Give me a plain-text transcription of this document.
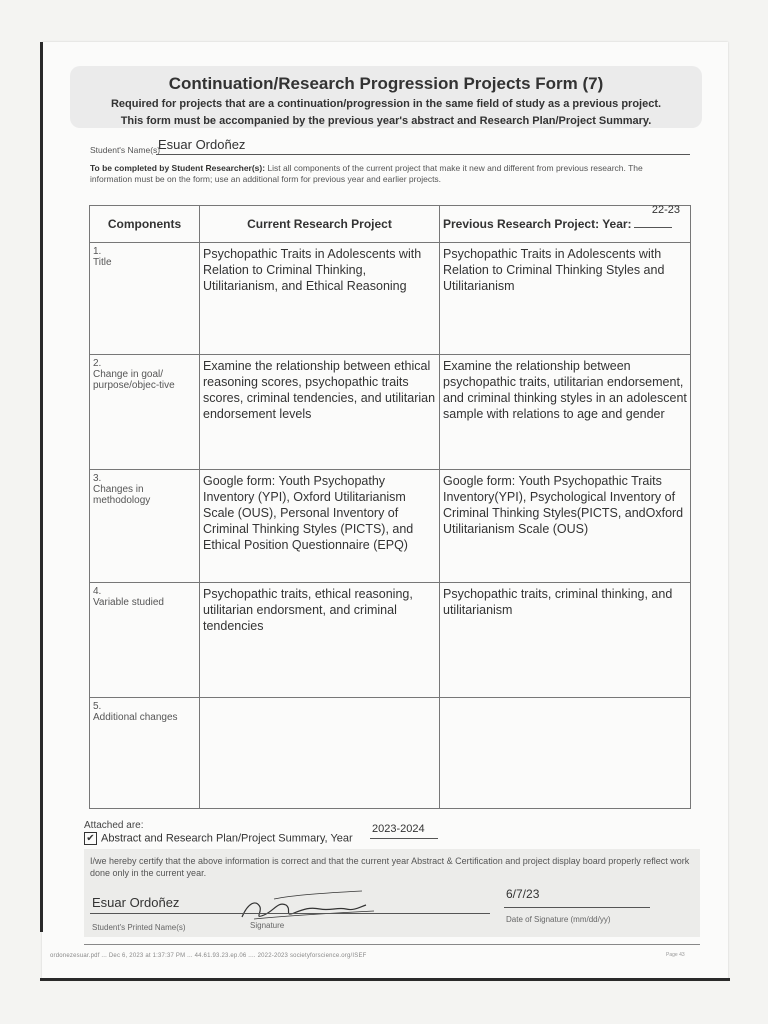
Continuation/Research Progression Projects Form (7)
Required for projects that are a continuation/progression in the same field of study as a previous project.
This form must be accompanied by the previous year's abstract and Research Plan/Project Summary.
Student's Name(s)
Esuar Ordoñez
To be completed by Student Researcher(s): List all components of the current project that make it new and different from previous research. The information must be on the form; use an additional form for previous year and earlier projects.
Components	Current Research Project	Previous Research Project: Year:
22-23

1.Title	Psychopathic Traits in Adolescents with Relation to Criminal Thinking, Utilitarianism, and Ethical Reasoning	Psychopathic Traits in Adolescents with Relation to Criminal Thinking Styles and Utilitarianism
2.Change in goal/ purpose/objec-tive	Examine the relationship between ethical reasoning scores, psychopathic traits scores, criminal tendencies, and utilitarian endorsement levels	Examine the relationship between psychopathic traits, utilitarian endorsement, and criminal thinking styles in an adolescent sample with relations to age and gender
3.Changes in methodology	Google form: Youth Psychopathy Inventory (YPI), Oxford Utilitarianism Scale (OUS), Personal Inventory of Criminal Thinking Styles (PICTS), and Ethical Position Questionnaire (EPQ)	Google form: Youth Psychopathic Traits Inventory(YPI), Psychological Inventory of Criminal Thinking Styles(PICTS, andOxford Utilitarianism Scale (OUS)
4.Variable studied	Psychopathic traits, ethical reasoning, utilitarian endorsment, and criminal tendencies	Psychopathic traits, criminal thinking, and utilitarianism
5.Additional changes		
Attached are:
✔ Abstract and Research Plan/Project Summary, Year
2023-2024
I/we hereby certify that the above information is correct and that the current year Abstract & Certification and project display board properly reflect work done only in the current year.
Esuar Ordoñez
6/7/23
Student's Printed Name(s)	Signature
Date of Signature (mm/dd/yy)
ordonezesuar.pdf ... Dec 6, 2023 at 1:37:37 PM ... 44.61.93.23.ep.06 .... 2022-2023 societyforscience.org/ISEF	Page 43
